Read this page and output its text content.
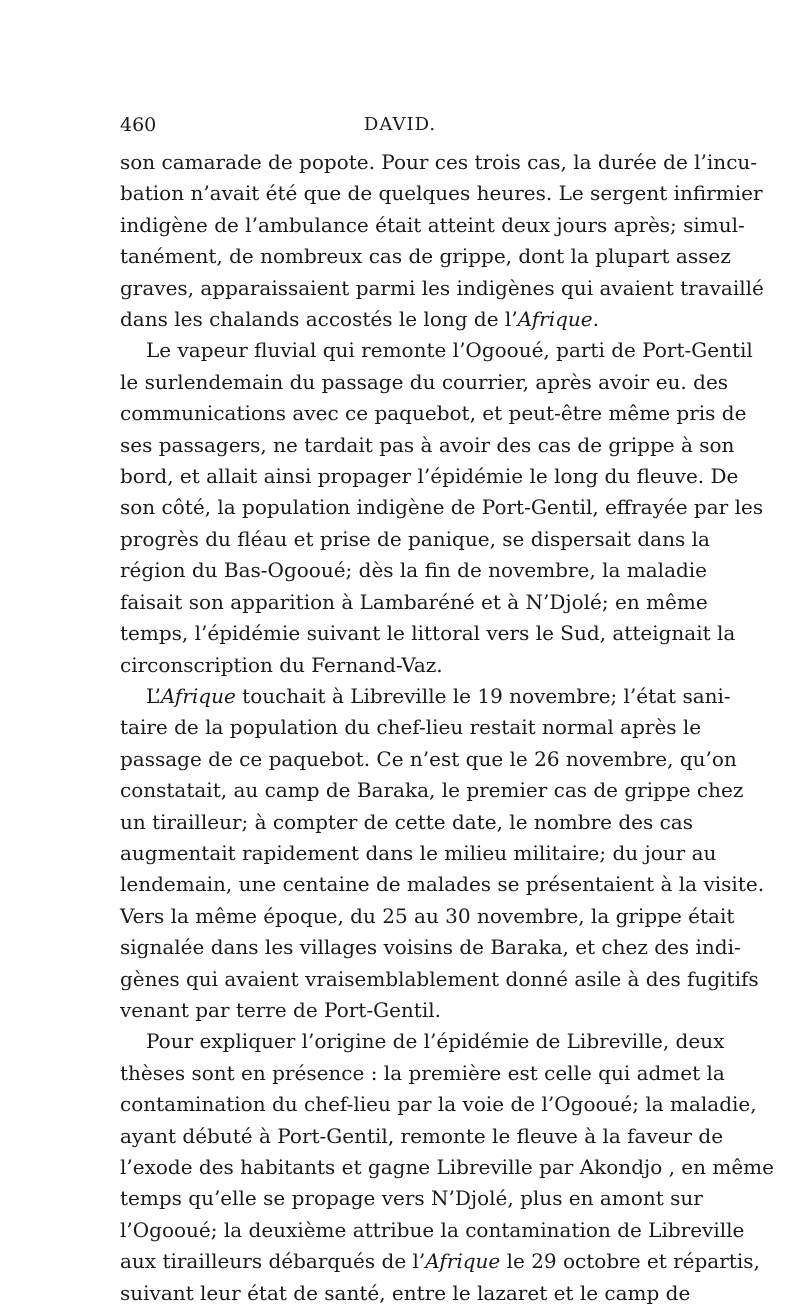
460	DAVID.
son camarade de popote. Pour ces trois cas, la durée de l’incu-
bation n’avait été que de quelques heures. Le sergent infirmier
indigène de l’ambulance était atteint deux jours après; simul-
tanément, de nombreux cas de grippe, dont la plupart assez
graves, apparaissaient parmi les indigènes qui avaient travaillé
dans les chalands accostés le long de l’Afrique.
Le vapeur fluvial qui remonte l’Ogooué, parti de Port-Gentil
le surlendemain du passage du courrier, après avoir eu. des
communications avec ce paquebot, et peut-être même pris de
ses passagers, ne tardait pas à avoir des cas de grippe à son
bord, et allait ainsi propager l’épidémie le long du fleuve. De
son côté, la population indigène de Port-Gentil, effrayée par les
progrès du fléau et prise de panique, se dispersait dans la
région du Bas-Ogooué; dès la fin de novembre, la maladie
faisait son apparition à Lambaréné et à N’Djolé; en même
temps, l’épidémie suivant le littoral vers le Sud, atteignait la
circonscription du Fernand-Vaz.
L’Afrique touchait à Libreville le 19 novembre; l’état sani-
taire de la population du chef-lieu restait normal après le
passage de ce paquebot. Ce n’est que le 26 novembre, qu’on
constatait, au camp de Baraka, le premier cas de grippe chez
un tirailleur; à compter de cette date, le nombre des cas
augmentait rapidement dans le milieu militaire; du jour au
lendemain, une centaine de malades se présentaient à la visite.
Vers la même époque, du 25 au 30 novembre, la grippe était
signalée dans les villages voisins de Baraka, et chez des indi-
gènes qui avaient vraisemblablement donné asile à des fugitifs
venant par terre de Port-Gentil.
Pour expliquer l’origine de l’épidémie de Libreville, deux
thèses sont en présence : la première est celle qui admet la
contamination du chef-lieu par la voie de l’Ogooué; la maladie,
ayant débuté à Port-Gentil, remonte le fleuve à la faveur de
l’exode des habitants et gagne Libreville par Akondjo , en même
temps qu’elle se propage vers N’Djolé, plus en amont sur
l’Ogooué; la deuxième attribue la contamination de Libreville
aux tirailleurs débarqués de l’Afrique le 29 octobre et répartis,
suivant leur état de santé, entre le lazaret et le camp de
